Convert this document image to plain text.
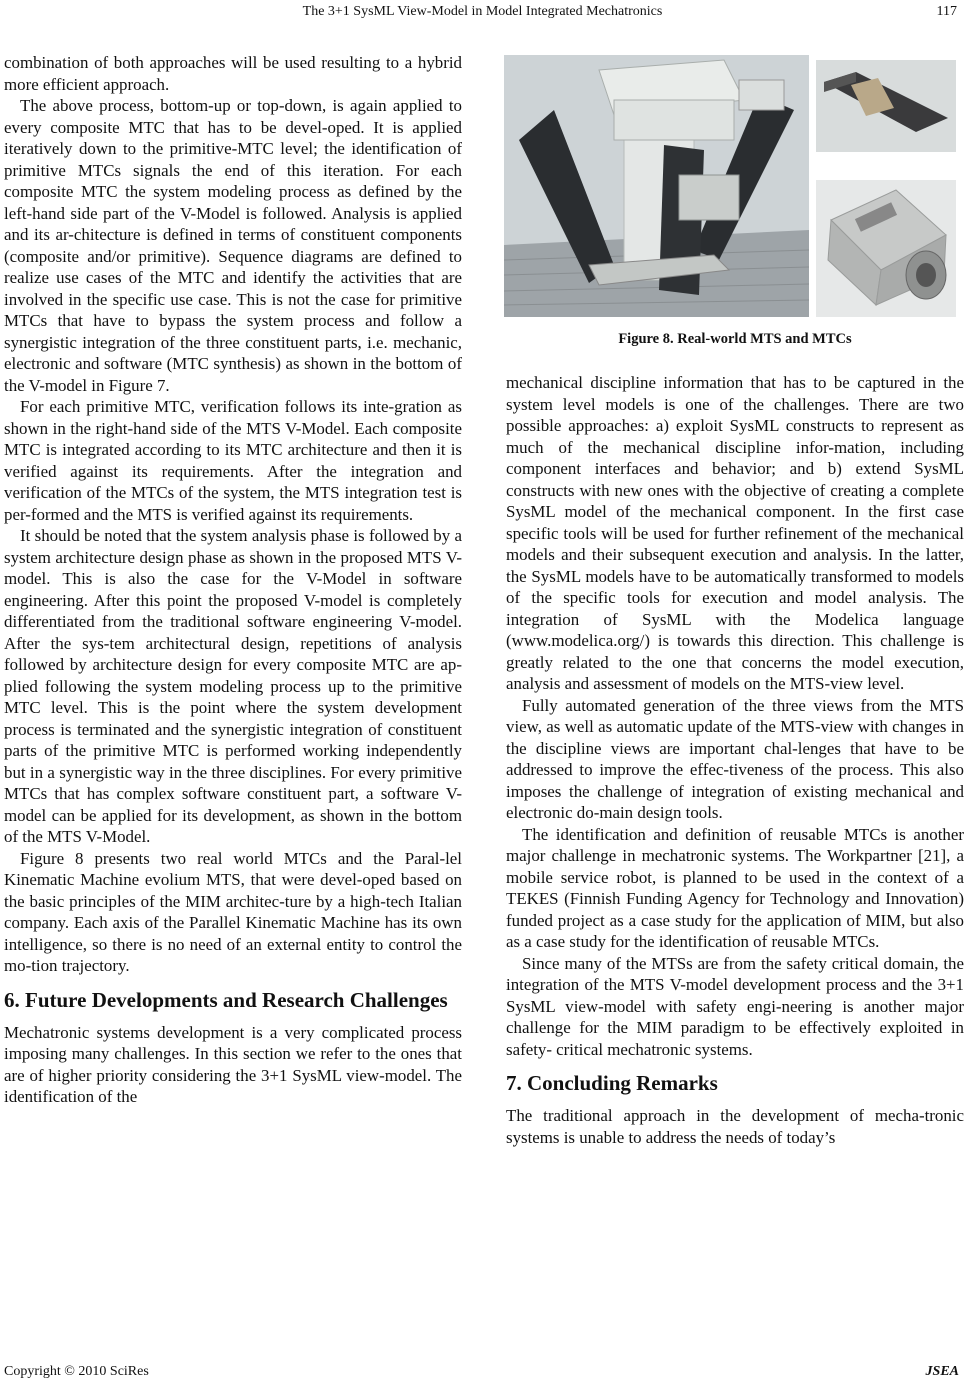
The 3+1 SysML View-Model in Model Integrated Mechatronics	117

combination of both approaches will be used resulting to a hybrid more efficient approach.

The above process, bottom-up or top-down, is again applied to every composite MTC that has to be devel-oped. It is applied iteratively down to the primitive-MTC level; the identification of primitive MTCs signals the end of this iteration. For each composite MTC the system modeling process as defined by the left-hand side part of the V-Model is followed. Analysis is applied and its ar-chitecture is defined in terms of constituent components (composite and/or primitive). Sequence diagrams are defined to realize use cases of the MTC and identify the activities that are involved in the specific use case. This is not the case for primitive MTCs that have to bypass the system process and follow a synergistic integration of the three constituent parts, i.e. mechanic, electronic and software (MTC synthesis) as shown in the bottom of the V-model in Figure 7.

For each primitive MTC, verification follows its inte-gration as shown in the right-hand side of the MTS V-Model. Each composite MTC is integrated according to its MTC architecture and then it is verified against its requirements. After the integration and verification of the MTCs of the system, the MTS integration test is per-formed and the MTS is verified against its requirements.

It should be noted that the system analysis phase is followed by a system architecture design phase as shown in the proposed MTS V-model. This is also the case for the V-Model in software engineering. After this point the proposed V-model is completely differentiated from the traditional software engineering V-model. After the sys-tem architectural design, repetitions of analysis followed by architecture design for every composite MTC are ap-plied following the system modeling process up to the primitive MTC level. This is the point where the system development process is terminated and the synergistic integration of constituent parts of the primitive MTC is performed working independently but in a synergistic way in the three disciplines. For every primitive MTCs that has complex software constituent part, a software V-model can be applied for its development, as shown in the bottom of the MTS V-Model.

Figure 8 presents two real world MTCs and the Paral-lel Kinematic Machine evolium MTS, that were devel-oped based on the basic principles of the MIM architec-ture by a high-tech Italian company. Each axis of the Parallel Kinematic Machine has its own intelligence, so there is no need of an external entity to control the mo-tion trajectory.

6. Future Developments and Research Challenges

Mechatronic systems development is a very complicated process imposing many challenges. In this section we refer to the ones that are of higher priority considering the 3+1 SysML view-model. The identification of the

Figure 8. Real-world MTS and MTCs

mechanical discipline information that has to be captured in the system level models is one of the challenges. There are two possible approaches: a) exploit SysML constructs to represent as much of the mechanical discipline infor-mation, including component interfaces and behavior; and b) extend SysML constructs with new ones with the objective of creating a complete SysML model of the mechanical component. In the first case specific tools will be used for further refinement of the mechanical models and their subsequent execution and analysis. In the latter, the SysML models have to be automatically transformed to models of the specific tools for execution and model analysis. The integration of SysML with the Modelica language (www.modelica.org/) is towards this direction. This challenge is greatly related to the one that concerns the model execution, analysis and assessment of models on the MTS-view level.

Fully automated generation of the three views from the MTS view, as well as automatic update of the MTS-view with changes in the discipline views are important chal-lenges that have to be addressed to improve the effec-tiveness of the process. This also imposes the challenge of integration of existing mechanical and electronic do-main design tools.

The identification and definition of reusable MTCs is another major challenge in mechatronic systems. The Workpartner [21], a mobile service robot, is planned to be used in the context of a TEKES (Finnish Funding Agency for Technology and Innovation) funded project as a case study for the application of MIM, but also as a case study for the identification of reusable MTCs.

Since many of the MTSs are from the safety critical domain, the integration of the MTS V-model development process and the 3+1 SysML view-model with safety engi-neering is another major challenge for the MIM paradigm to be effectively exploited in safety- critical mechatronic systems.

7. Concluding Remarks

The traditional approach in the development of mecha-tronic systems is unable to address the needs of today’s

Copyright © 2010 SciRes	JSEA
